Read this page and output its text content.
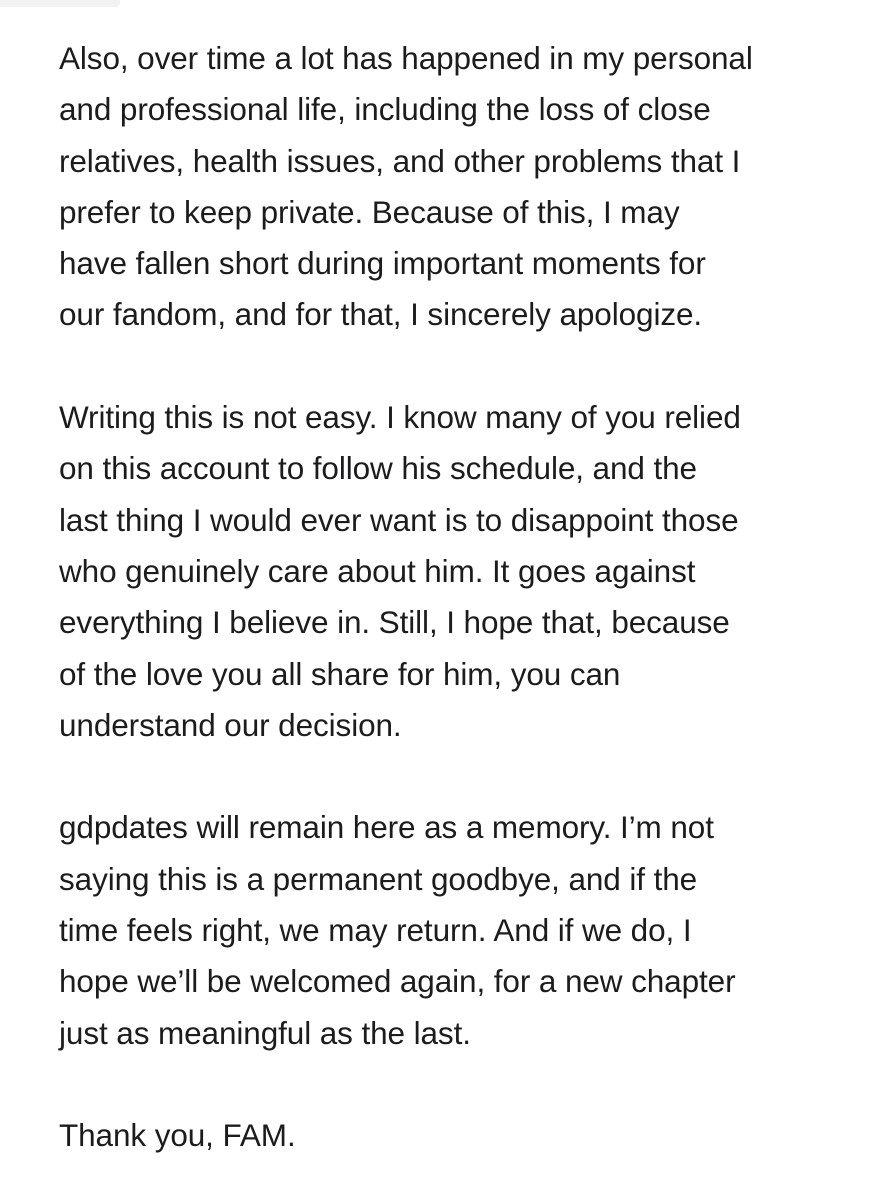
Also, over time a lot has happened in my personal
and professional life, including the loss of close
relatives, health issues, and other problems that I
prefer to keep private. Because of this, I may
have fallen short during important moments for
our fandom, and for that, I sincerely apologize.

Writing this is not easy. I know many of you relied
on this account to follow his schedule, and the
last thing I would ever want is to disappoint those
who genuinely care about him. It goes against
everything I believe in. Still, I hope that, because
of the love you all share for him, you can
understand our decision.

gdpdates will remain here as a memory. I’m not
saying this is a permanent goodbye, and if the
time feels right, we may return. And if we do, I
hope we’ll be welcomed again, for a new chapter
just as meaningful as the last.

Thank you, FAM.
